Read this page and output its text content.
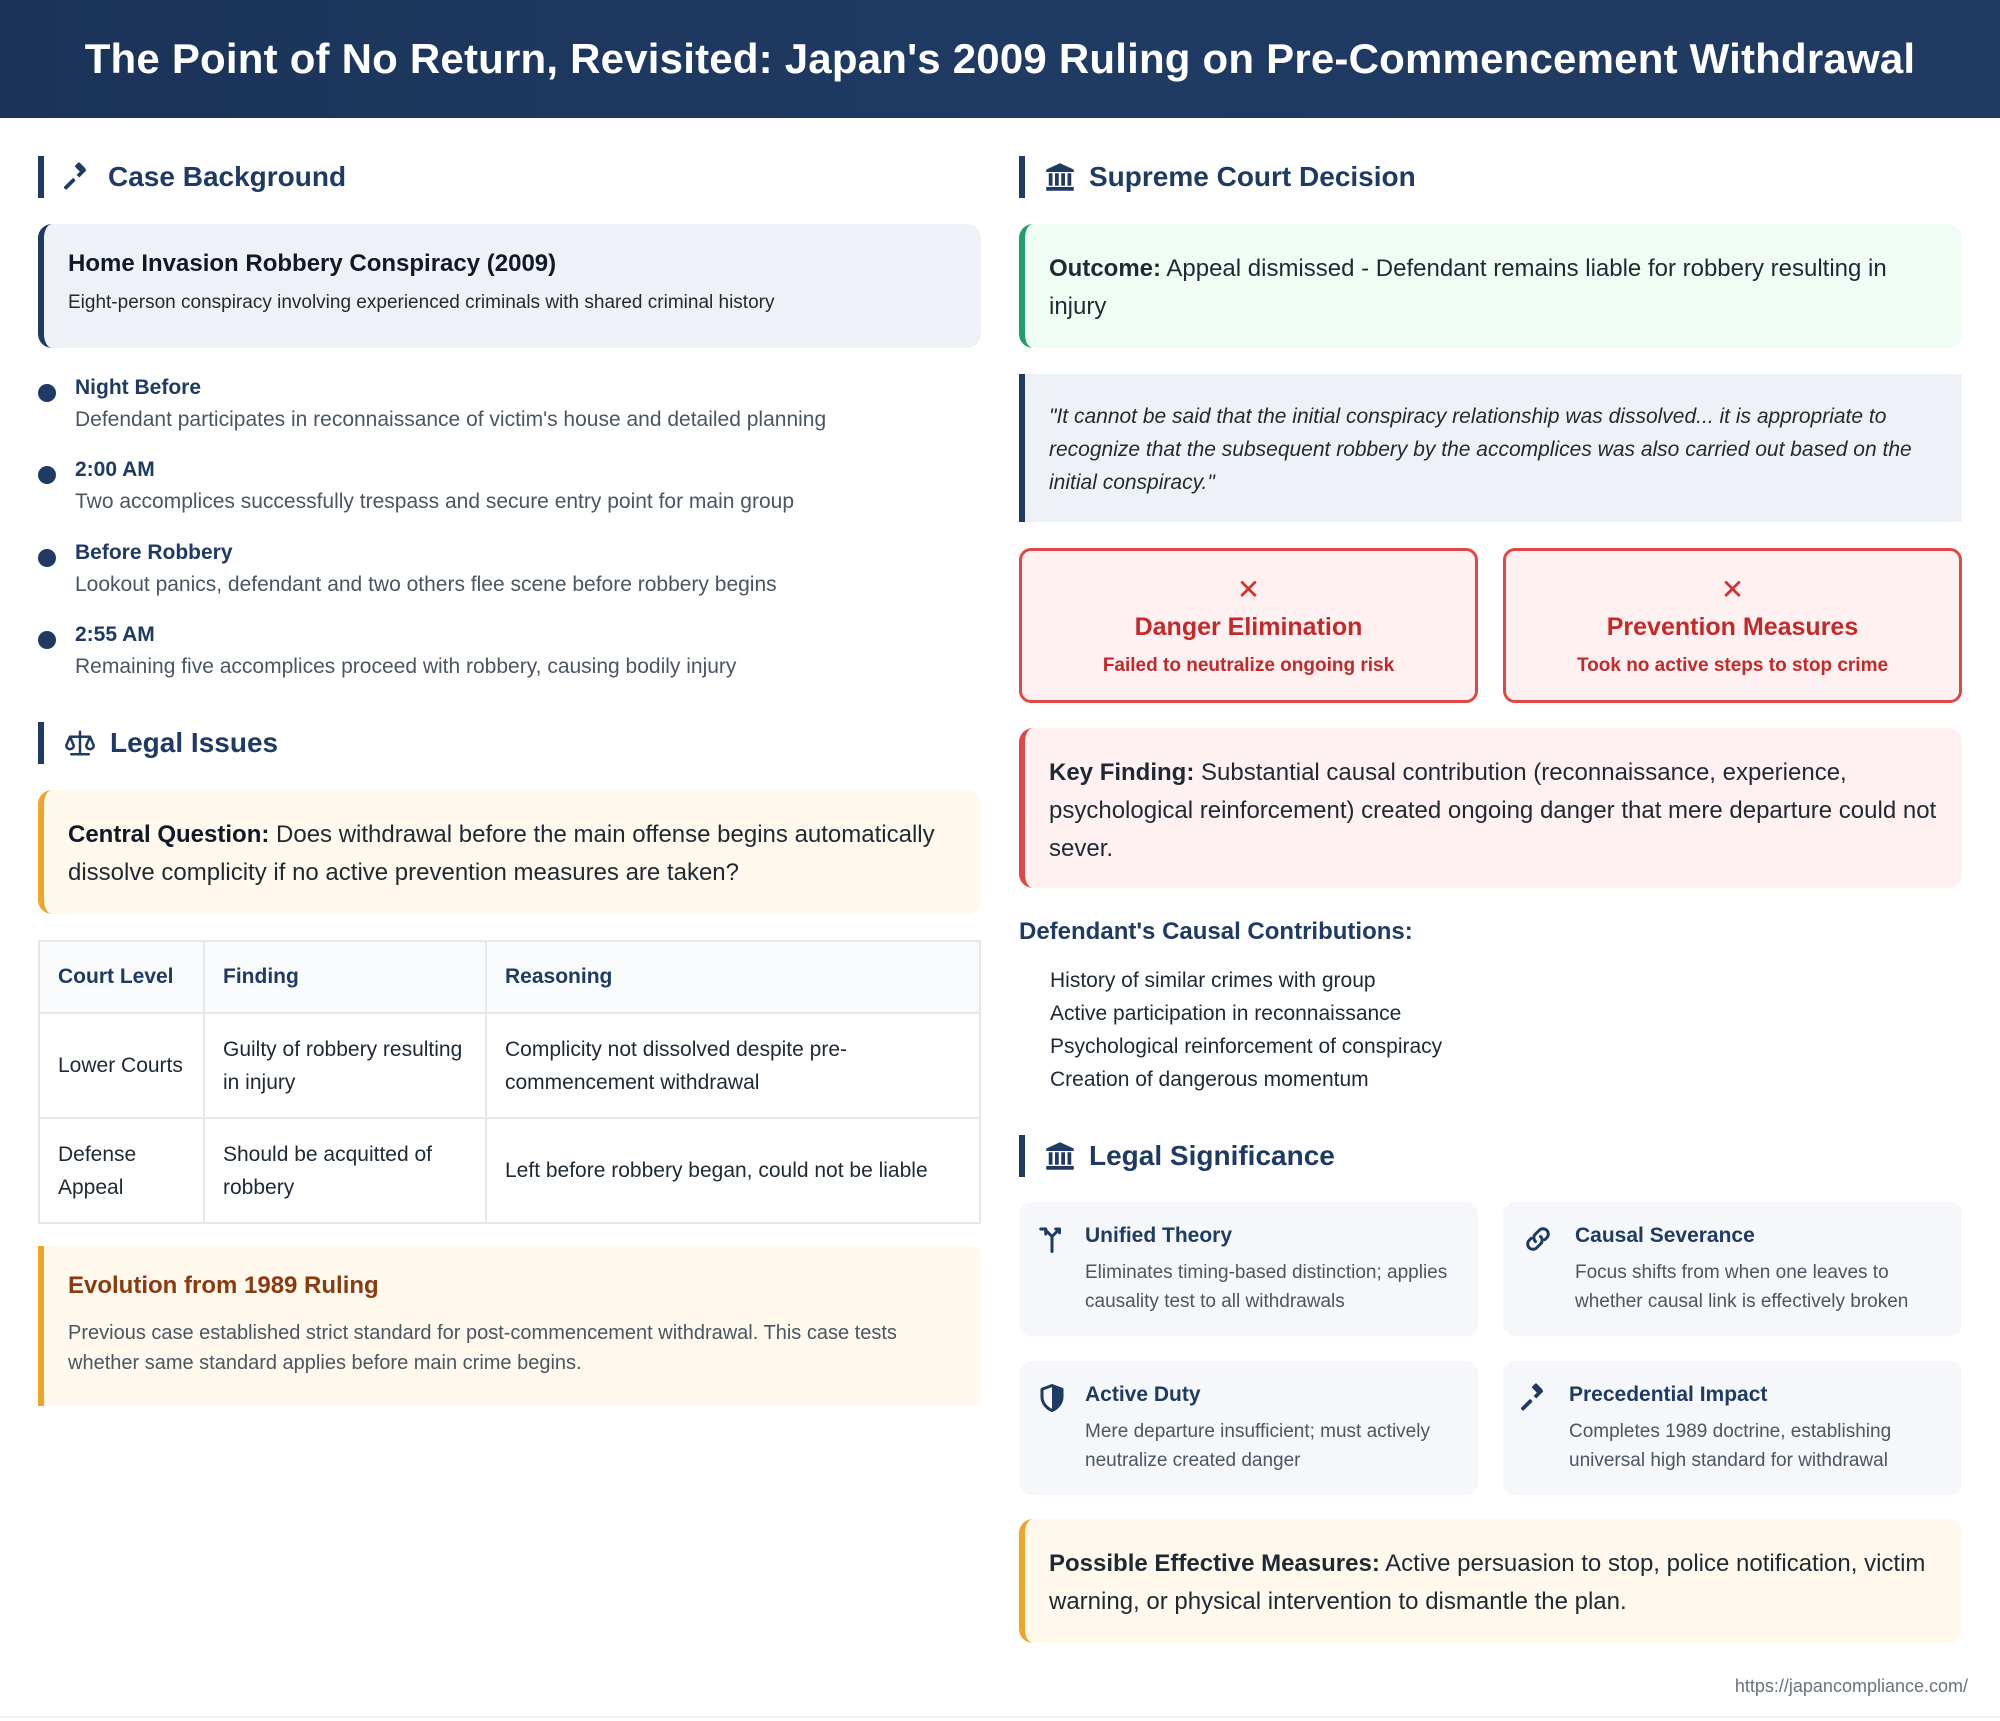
The Point of No Return, Revisited: Japan's 2009 Ruling on Pre-Commencement Withdrawal
Case Background
Home Invasion Robbery Conspiracy (2009)
Eight-person conspiracy involving experienced criminals with shared criminal history
Night Before
Defendant participates in reconnaissance of victim's house and detailed planning
2:00 AM
Two accomplices successfully trespass and secure entry point for main group
Before Robbery
Lookout panics, defendant and two others flee scene before robbery begins
2:55 AM
Remaining five accomplices proceed with robbery, causing bodily injury
Legal Issues
Central Question: Does withdrawal before the main offense begins automatically dissolve complicity if no active prevention measures are taken?
Court Level	Finding	Reasoning
Lower Courts	Guilty of robbery resulting in injury	Complicity not dissolved despite pre-commencement withdrawal
Defense Appeal	Should be acquitted of robbery	Left before robbery began, could not be liable
Evolution from 1989 Ruling
Previous case established strict standard for post-commencement withdrawal. This case tests whether same standard applies before main crime begins.
Supreme Court Decision
Outcome: Appeal dismissed - Defendant remains liable for robbery resulting in injury
"It cannot be said that the initial conspiracy relationship was dissolved... it is appropriate to recognize that the subsequent robbery by the accomplices was also carried out based on the initial conspiracy."
✕
Danger Elimination
Failed to neutralize ongoing risk
✕
Prevention Measures
Took no active steps to stop crime
Key Finding: Substantial causal contribution (reconnaissance, experience, psychological reinforcement) created ongoing danger that mere departure could not sever.
Defendant's Causal Contributions:
History of similar crimes with group
Active participation in reconnaissance
Psychological reinforcement of conspiracy
Creation of dangerous momentum
Legal Significance
Unified Theory
Eliminates timing-based distinction; applies causality test to all withdrawals
Causal Severance
Focus shifts from when one leaves to whether causal link is effectively broken
Active Duty
Mere departure insufficient; must actively neutralize created danger
Precedential Impact
Completes 1989 doctrine, establishing universal high standard for withdrawal
Possible Effective Measures: Active persuasion to stop, police notification, victim warning, or physical intervention to dismantle the plan.
https://japancompliance.com/
